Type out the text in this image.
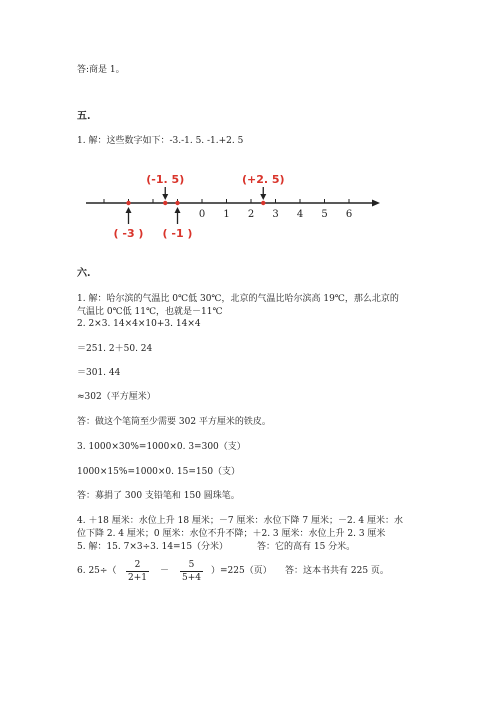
答:商是 1。
五.
1. 解：这些数字如下：-3.-1. 5. -1.+2. 5
0 1 2 3 4 5 6
(-1. 5)	(+2. 5)
( -3 ) ( -1 )
六.
1. 解：哈尔滨的气温比 0℃低 30℃，北京的气温比哈尔滨高 19℃，那么北京的
气温比 0℃低 11℃，也就是－11℃
2. 2×3. 14×4×10+3. 14×4
＝251. 2＋50. 24
＝301. 44
≈302（平方厘米）
答：做这个笔筒至少需要 302 平方厘米的铁皮。
3. 1000×30%=1000×0. 3=300（支）
1000×15%=1000×0. 15=150（支）
答：募捐了 300 支铅笔和 150 圆珠笔。
4. ＋18 厘米：水位上升 18 厘米；－7 厘米：水位下降 7 厘米；－2. 4 厘米：水
位下降 2. 4 厘米；0 厘米：水位不升不降；＋2. 3 厘米：水位上升 2. 3 厘米
5. 解：15. 7×3÷3. 14=15（分米）	答：它的高有 15 分米。
6. $25\div( \frac{2}{2+1} - \frac{5}{5+4} )=225$（页） 答：这本书共有 225 页。
